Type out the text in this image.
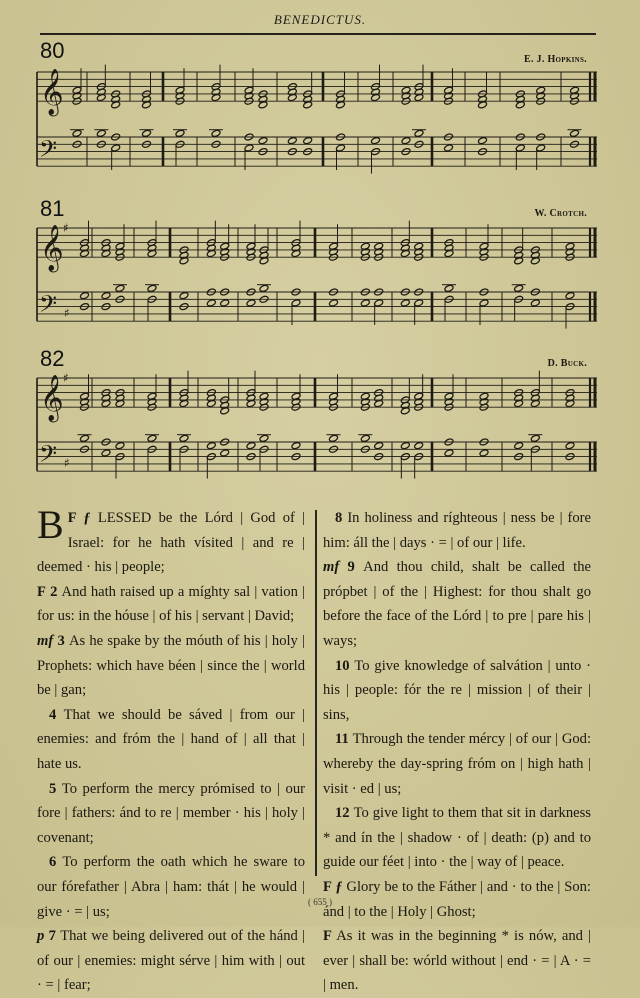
BENEDICTUS.
80	E. J. Hopkins.
𝄞
𝄢
81	W. Crotch.
𝄞
𝄢
♯
♯
82	D. Buck.
𝄞
𝄢
♯
♯

F ƒ
B LESSED be the Lórd | God of | Israel: for he hath vísited | and re | deemed · his | people;

F 2 And hath raised up a míghty sal | vation | for us: in the hóuse | of his | servant | David;

mf 3 As he spake by the móuth of his | holy | Prophets: which have béen | since the | world be | gan;

4 That we should be sáved | from our | enemies: and fróm the | hand of | all that | hate us.

5 To perform the mercy prómised to | our fore | fathers: ánd to re | member · his | holy | covenant;

6 To perform the oath which he sware to our fórefather | Abra | ham: thát | he would | give · = | us;

p 7 That we being delivered out of the hánd | of our | enemies: might sérve | him with | out · = | fear;

8 In holiness and ríghteous | ness be | fore him: áll the | days · = | of our | life.

mf 9 And thou child, shalt be called the própbet | of the | Highest: for thou shalt go before the face of the Lórd | to pre | pare his | ways;

10 To give knowledge of salvátion | unto · his | people: fór the re | mission | of their | sins,

11 Through the tender mércy | of our | God: whereby the day-spring fróm on | high hath | visit · ed | us;

12 To give light to them that sit in darkness * and ín the | shadow · of | death: (p) and to guide our féet | into · the | way of | peace.

F ƒ Glory be to the Fáther | and · to the | Son: ánd | to the | Holy | Ghost;

F As it was in the beginning * is nów, and | ever | shall be: wórld without | end · = | A · = | men.

( 655 )
